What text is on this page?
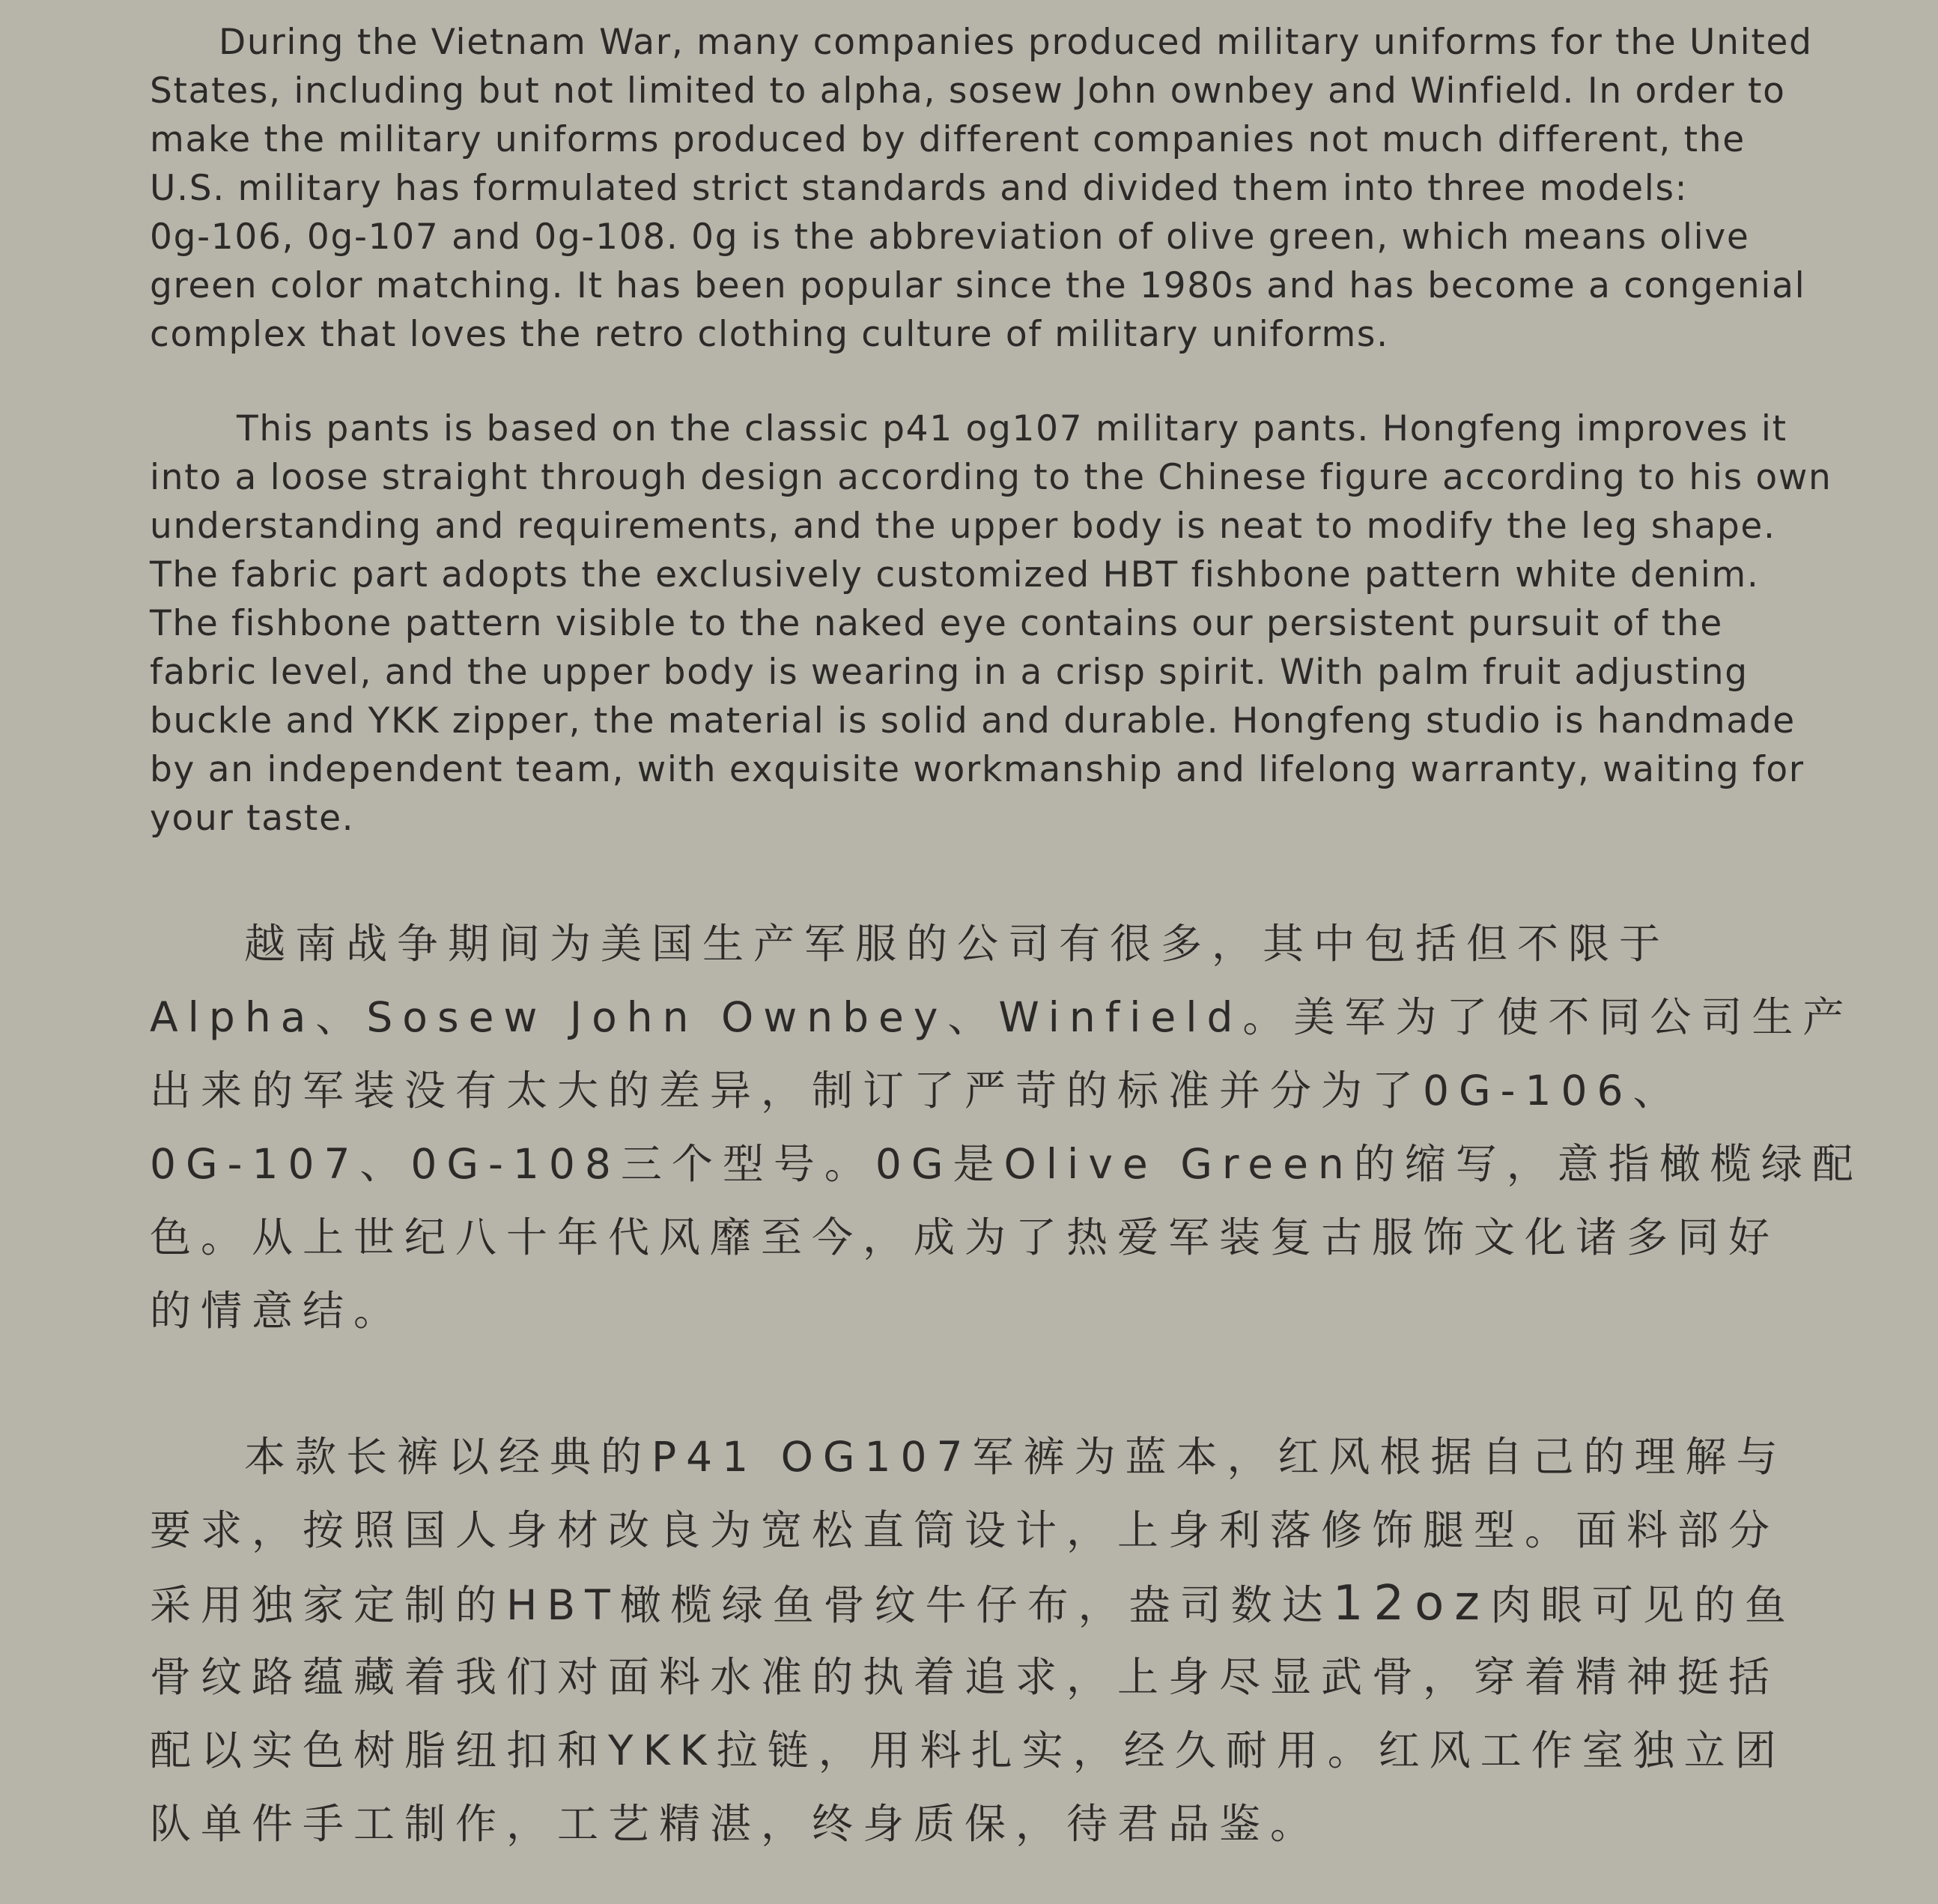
During the Vietnam War, many companies produced military uniforms for the United
States, including but not limited to alpha, sosew John ownbey and Winfield. In order to
make the military uniforms produced by different companies not much different, the
U.S. military has formulated strict standards and divided them into three models:
0g-106, 0g-107 and 0g-108. 0g is the abbreviation of olive green, which means olive
green color matching. It has been popular since the 1980s and has become a congenial
complex that loves the retro clothing culture of military uniforms.
This pants is based on the classic p41 og107 military pants. Hongfeng improves it
into a loose straight through design according to the Chinese figure according to his own
understanding and requirements, and the upper body is neat to modify the leg shape.
The fabric part adopts the exclusively customized HBT fishbone pattern white denim.
The fishbone pattern visible to the naked eye contains our persistent pursuit of the
fabric level, and the upper body is wearing in a crisp spirit. With palm fruit adjusting
buckle and YKK zipper, the material is solid and durable. Hongfeng studio is handmade
by an independent team, with exquisite workmanship and lifelong warranty, waiting for
your taste.
越南战争期间为美国生产军服的公司有很多，其中包括但不限于
Alpha、Sosew John Ownbey、Winfield。美军为了使不同公司生产
出来的军装没有太大的差异，制订了严苛的标准并分为了0G-106、
0G-107、0G-108三个型号。0G是Olive Green的缩写，意指橄榄绿配
色。从上世纪八十年代风靡至今，成为了热爱军装复古服饰文化诸多同好
的情意结。
本款长裤以经典的P41 OG107军裤为蓝本，红风根据自己的理解与
要求，按照国人身材改良为宽松直筒设计，上身利落修饰腿型。面料部分
采用独家定制的HBT橄榄绿鱼骨纹牛仔布，盎司数达12oz肉眼可见的鱼
骨纹路蕴藏着我们对面料水准的执着追求，上身尽显武骨，穿着精神挺括
配以实色树脂纽扣和YKK拉链，用料扎实，经久耐用。红风工作室独立团
队单件手工制作，工艺精湛，终身质保，待君品鉴。
